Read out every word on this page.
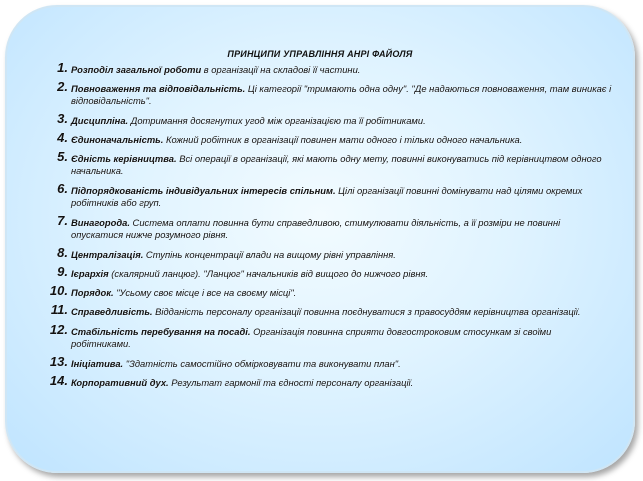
ПРИНЦИПИ УПРАВЛІННЯ АНРІ ФАЙОЛЯ
1. Розподіл загальної роботи в організації на складові її частини.
2. Повноваження та відповідальність. Ці категорії "тримають одна одну". "Де надаються повноваження, там виникає і відповідальність".
3. Дисципліна. Дотримання досягнутих угод між організацією та її робітниками.
4. Єдиноначальність. Кожний робітник в організації повинен мати одного і тільки одного начальника.
5. Єдність керівництва. Всі операції в організації, які мають одну мету, повинні виконуватись під керівництвом одного начальника.
6. Підпорядкованість індивідуальних інтересів спільним. Цілі організації повинні домінувати над цілями окремих робітників або груп.
7. Винагорода. Система оплати повинна бути справедливою, стимулювати діяльність, а її розміри не повинні опускатися нижче розумного рівня.
8. Централізація. Ступінь концентрації влади на вищому рівні управління.
9. Ієрархія (скалярний ланцюг). "Ланцюг" начальників від вищого до нижчого рівня.
10. Порядок. "Усьому своє місце і все на своєму місці".
11. Справедливість. Відданість персоналу організації повинна поєднуватися з правосуддям керівництва організації.
12. Стабільність перебування на посаді. Організація повинна сприяти довгостроковим стосункам зі своїми робітниками.
13. Ініціатива. "Здатність самостійно обмірковувати та виконувати план".
14. Корпоративний дух. Результат гармонії та єдності персоналу організації.
